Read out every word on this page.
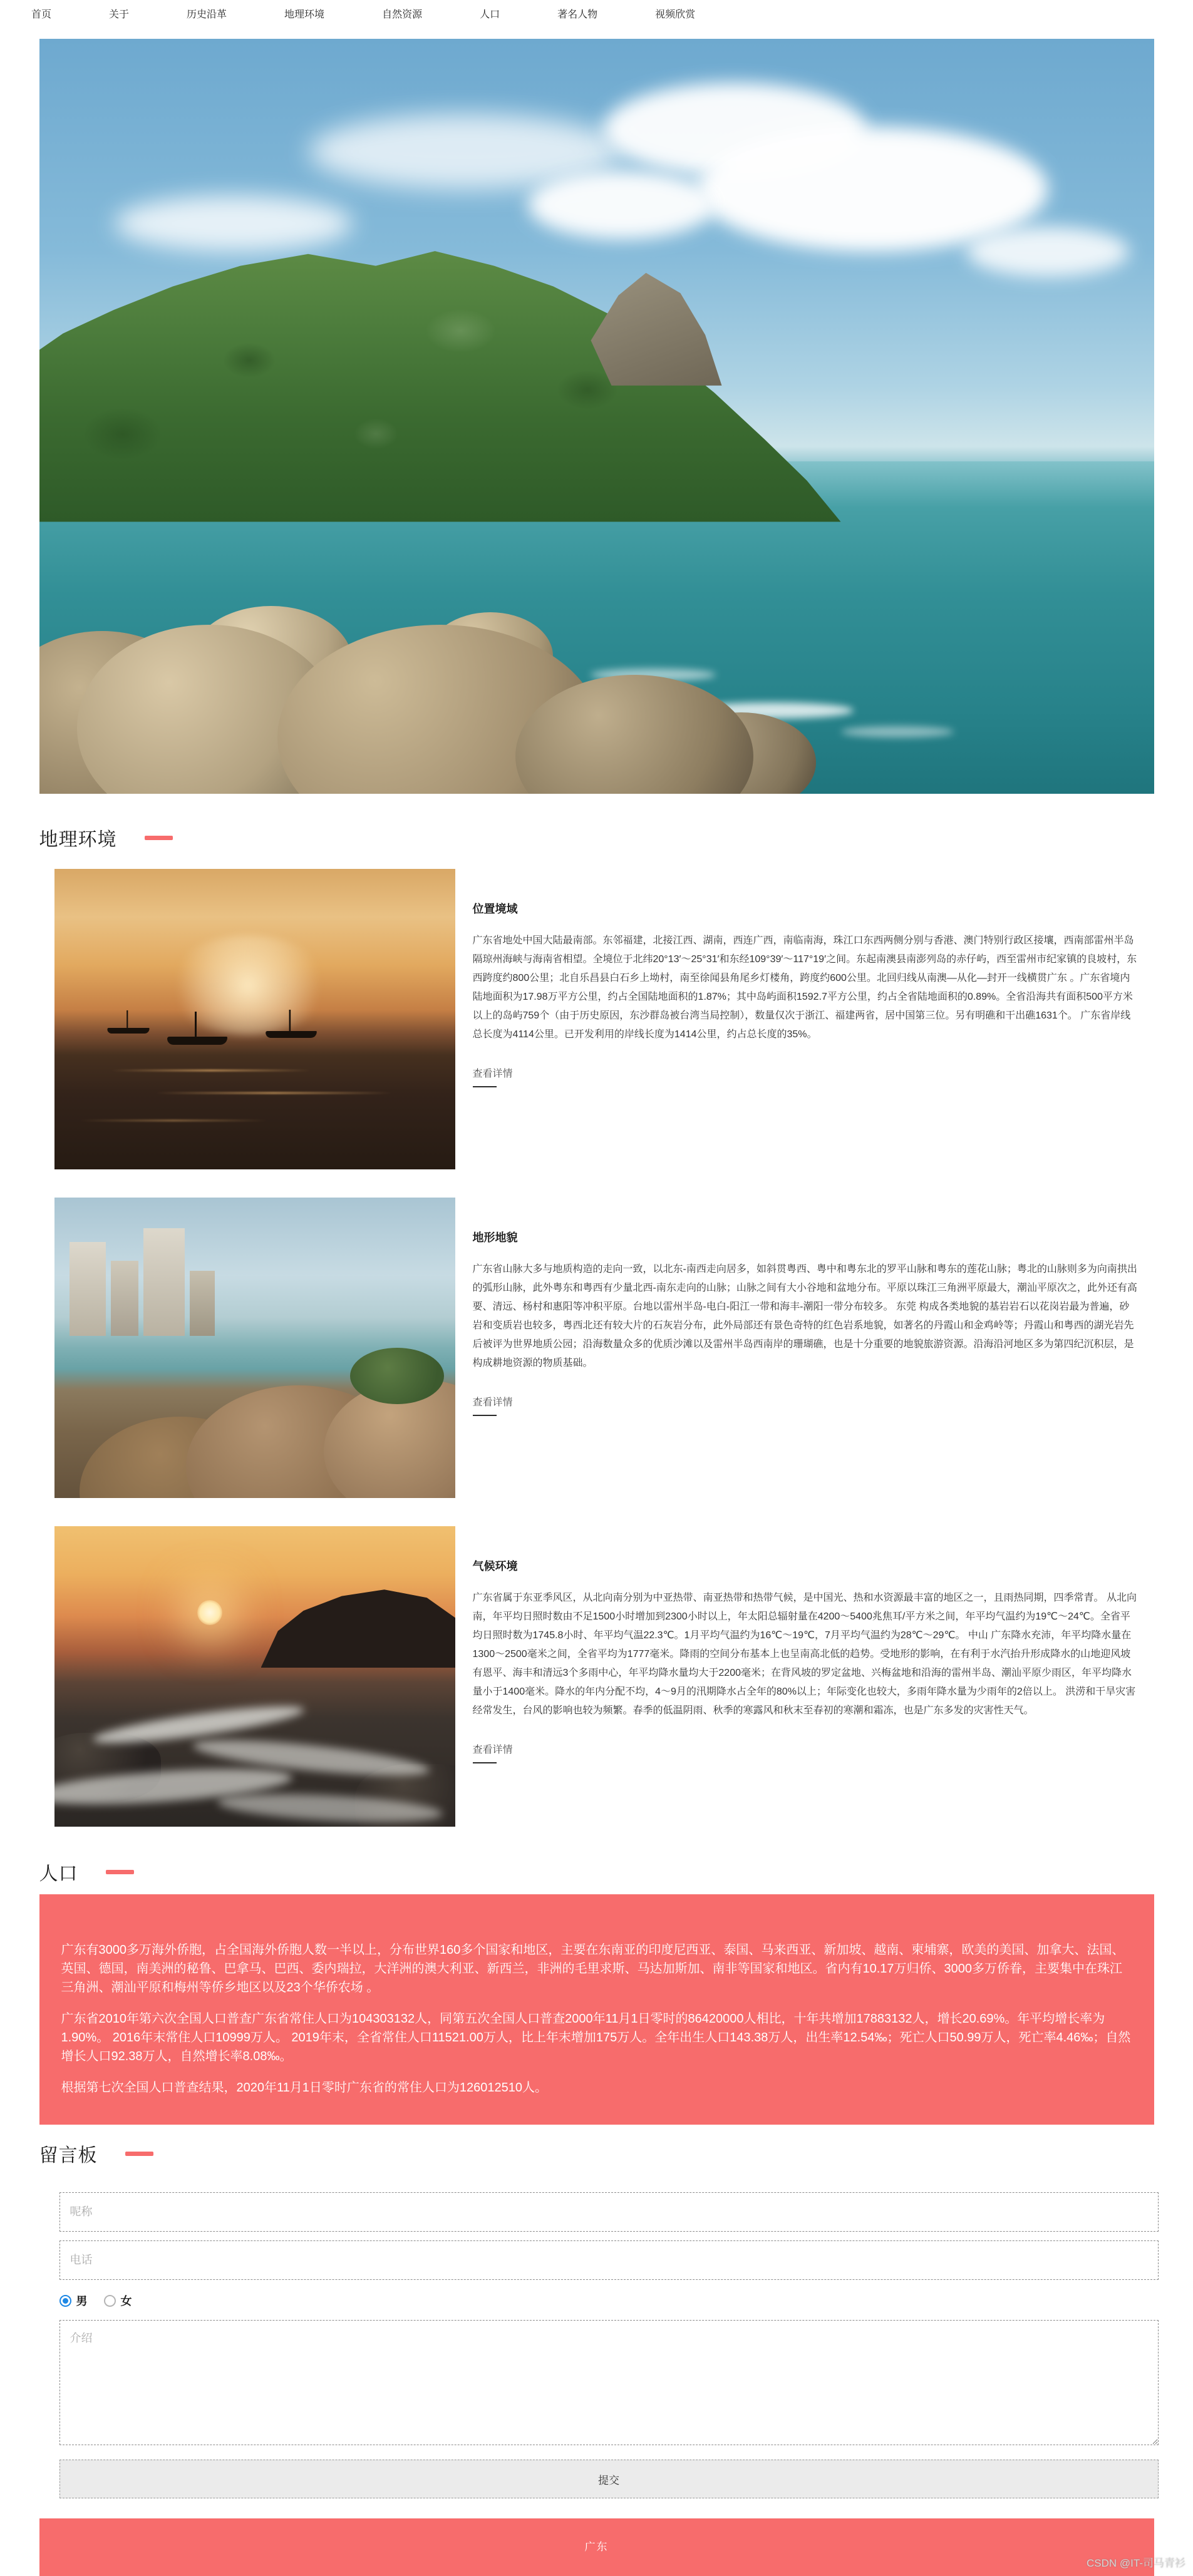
首页	关于	历史沿革	地理环境	自然资源	人口	著名人物	视频欣赏
地理环境
位置境域

广东省地处中国大陆最南部。东邻福建，北接江西、湖南，西连广西，南临南海，珠江口东西两侧分别与香港、澳门特别行政区接壤，西南部雷州半岛隔琼州海峡与海南省相望。全境位于北纬20°13′～25°31′和东经109°39′～117°19′之间。东起南澳县南澎列岛的赤仔屿，西至雷州市纪家镇的良坡村，东西跨度约800公里；北自乐昌县白石乡上坳村，南至徐闻县角尾乡灯楼角，跨度约600公里。北回归线从南澳—从化—封开一线横贯广东 。广东省境内陆地面积为17.98万平方公里，约占全国陆地面积的1.87%；其中岛屿面积1592.7平方公里，约占全省陆地面积的0.89%。全省沿海共有面积500平方米以上的岛屿759个（由于历史原因，东沙群岛被台湾当局控制），数量仅次于浙江、福建两省，居中国第三位。另有明礁和干出礁1631个。 广东省岸线总长度为4114公里。已开发利用的岸线长度为1414公里，约占总长度的35%。

查看详情
地形地貌

广东省山脉大多与地质构造的走向一致，以北东-南西走向居多，如斜贯粤西、粤中和粤东北的罗平山脉和粤东的莲花山脉；粤北的山脉则多为向南拱出的弧形山脉，此外粤东和粤西有少量北西-南东走向的山脉；山脉之间有大小谷地和盆地分布。平原以珠江三角洲平原最大，潮汕平原次之，此外还有高要、清远、杨村和惠阳等冲积平原。台地以雷州半岛-电白-阳江一带和海丰-潮阳一带分布较多。 东莞 构成各类地貌的基岩岩石以花岗岩最为普遍，砂岩和变质岩也较多，粤西北还有较大片的石灰岩分布，此外局部还有景色奇特的红色岩系地貌，如著名的丹霞山和金鸡岭等；丹霞山和粤西的湖光岩先后被评为世界地质公园；沿海数量众多的优质沙滩以及雷州半岛西南岸的珊瑚礁，也是十分重要的地貌旅游资源。沿海沿河地区多为第四纪沉积层，是构成耕地资源的物质基础。

查看详情
气候环境

广东省属于东亚季风区，从北向南分别为中亚热带、南亚热带和热带气候，是中国光、热和水资源最丰富的地区之一，且雨热同期，四季常青。 从北向南，年平均日照时数由不足1500小时增加到2300小时以上，年太阳总辐射量在4200～5400兆焦耳/平方米之间，年平均气温约为19℃～24℃。全省平均日照时数为1745.8小时、年平均气温22.3℃。1月平均气温约为16℃～19℃，7月平均气温约为28℃～29℃。 中山 广东降水充沛，年平均降水量在1300～2500毫米之间，全省平均为1777毫米。降雨的空间分布基本上也呈南高北低的趋势。受地形的影响，在有利于水汽抬升形成降水的山地迎风坡有恩平、海丰和清远3个多雨中心，年平均降水量均大于2200毫米；在背风坡的罗定盆地、兴梅盆地和沿海的雷州半岛、潮汕平原少雨区，年平均降水量小于1400毫米。降水的年内分配不均，4～9月的汛期降水占全年的80%以上；年际变化也较大，多雨年降水量为少雨年的2倍以上。 洪涝和干旱灾害经常发生，台风的影响也较为频繁。春季的低温阴雨、秋季的寒露风和秋末至春初的寒潮和霜冻，也是广东多发的灾害性天气。

查看详情
人口

广东有3000多万海外侨胞，占全国海外侨胞人数一半以上，分布世界160多个国家和地区，主要在东南亚的印度尼西亚、泰国、马来西亚、新加坡、越南、柬埔寨，欧美的美国、加拿大、法国、英国、德国，南美洲的秘鲁、巴拿马、巴西、委内瑞拉，大洋洲的澳大利亚、新西兰，非洲的毛里求斯、马达加斯加、南非等国家和地区。省内有10.17万归侨、3000多万侨眷，主要集中在珠江三角洲、潮汕平原和梅州等侨乡地区以及23个华侨农场 。

广东省2010年第六次全国人口普查广东省常住人口为104303132人，同第五次全国人口普查2000年11月1日零时的86420000人相比，十年共增加17883132人，增长20.69%。年平均增长率为1.90%。 2016年末常住人口10999万人。 2019年末，全省常住人口11521.00万人，比上年末增加175万人。全年出生人口143.38万人，出生率12.54‰；死亡人口50.99万人，死亡率4.46‰；自然增长人口92.38万人，自然增长率8.08‰。

根据第七次全国人口普查结果，2020年11月1日零时广东省的常住人口为126012510人。

留言板
呢称
电话
男	女
介绍 提交
广东
CSDN @IT-司马青衫
